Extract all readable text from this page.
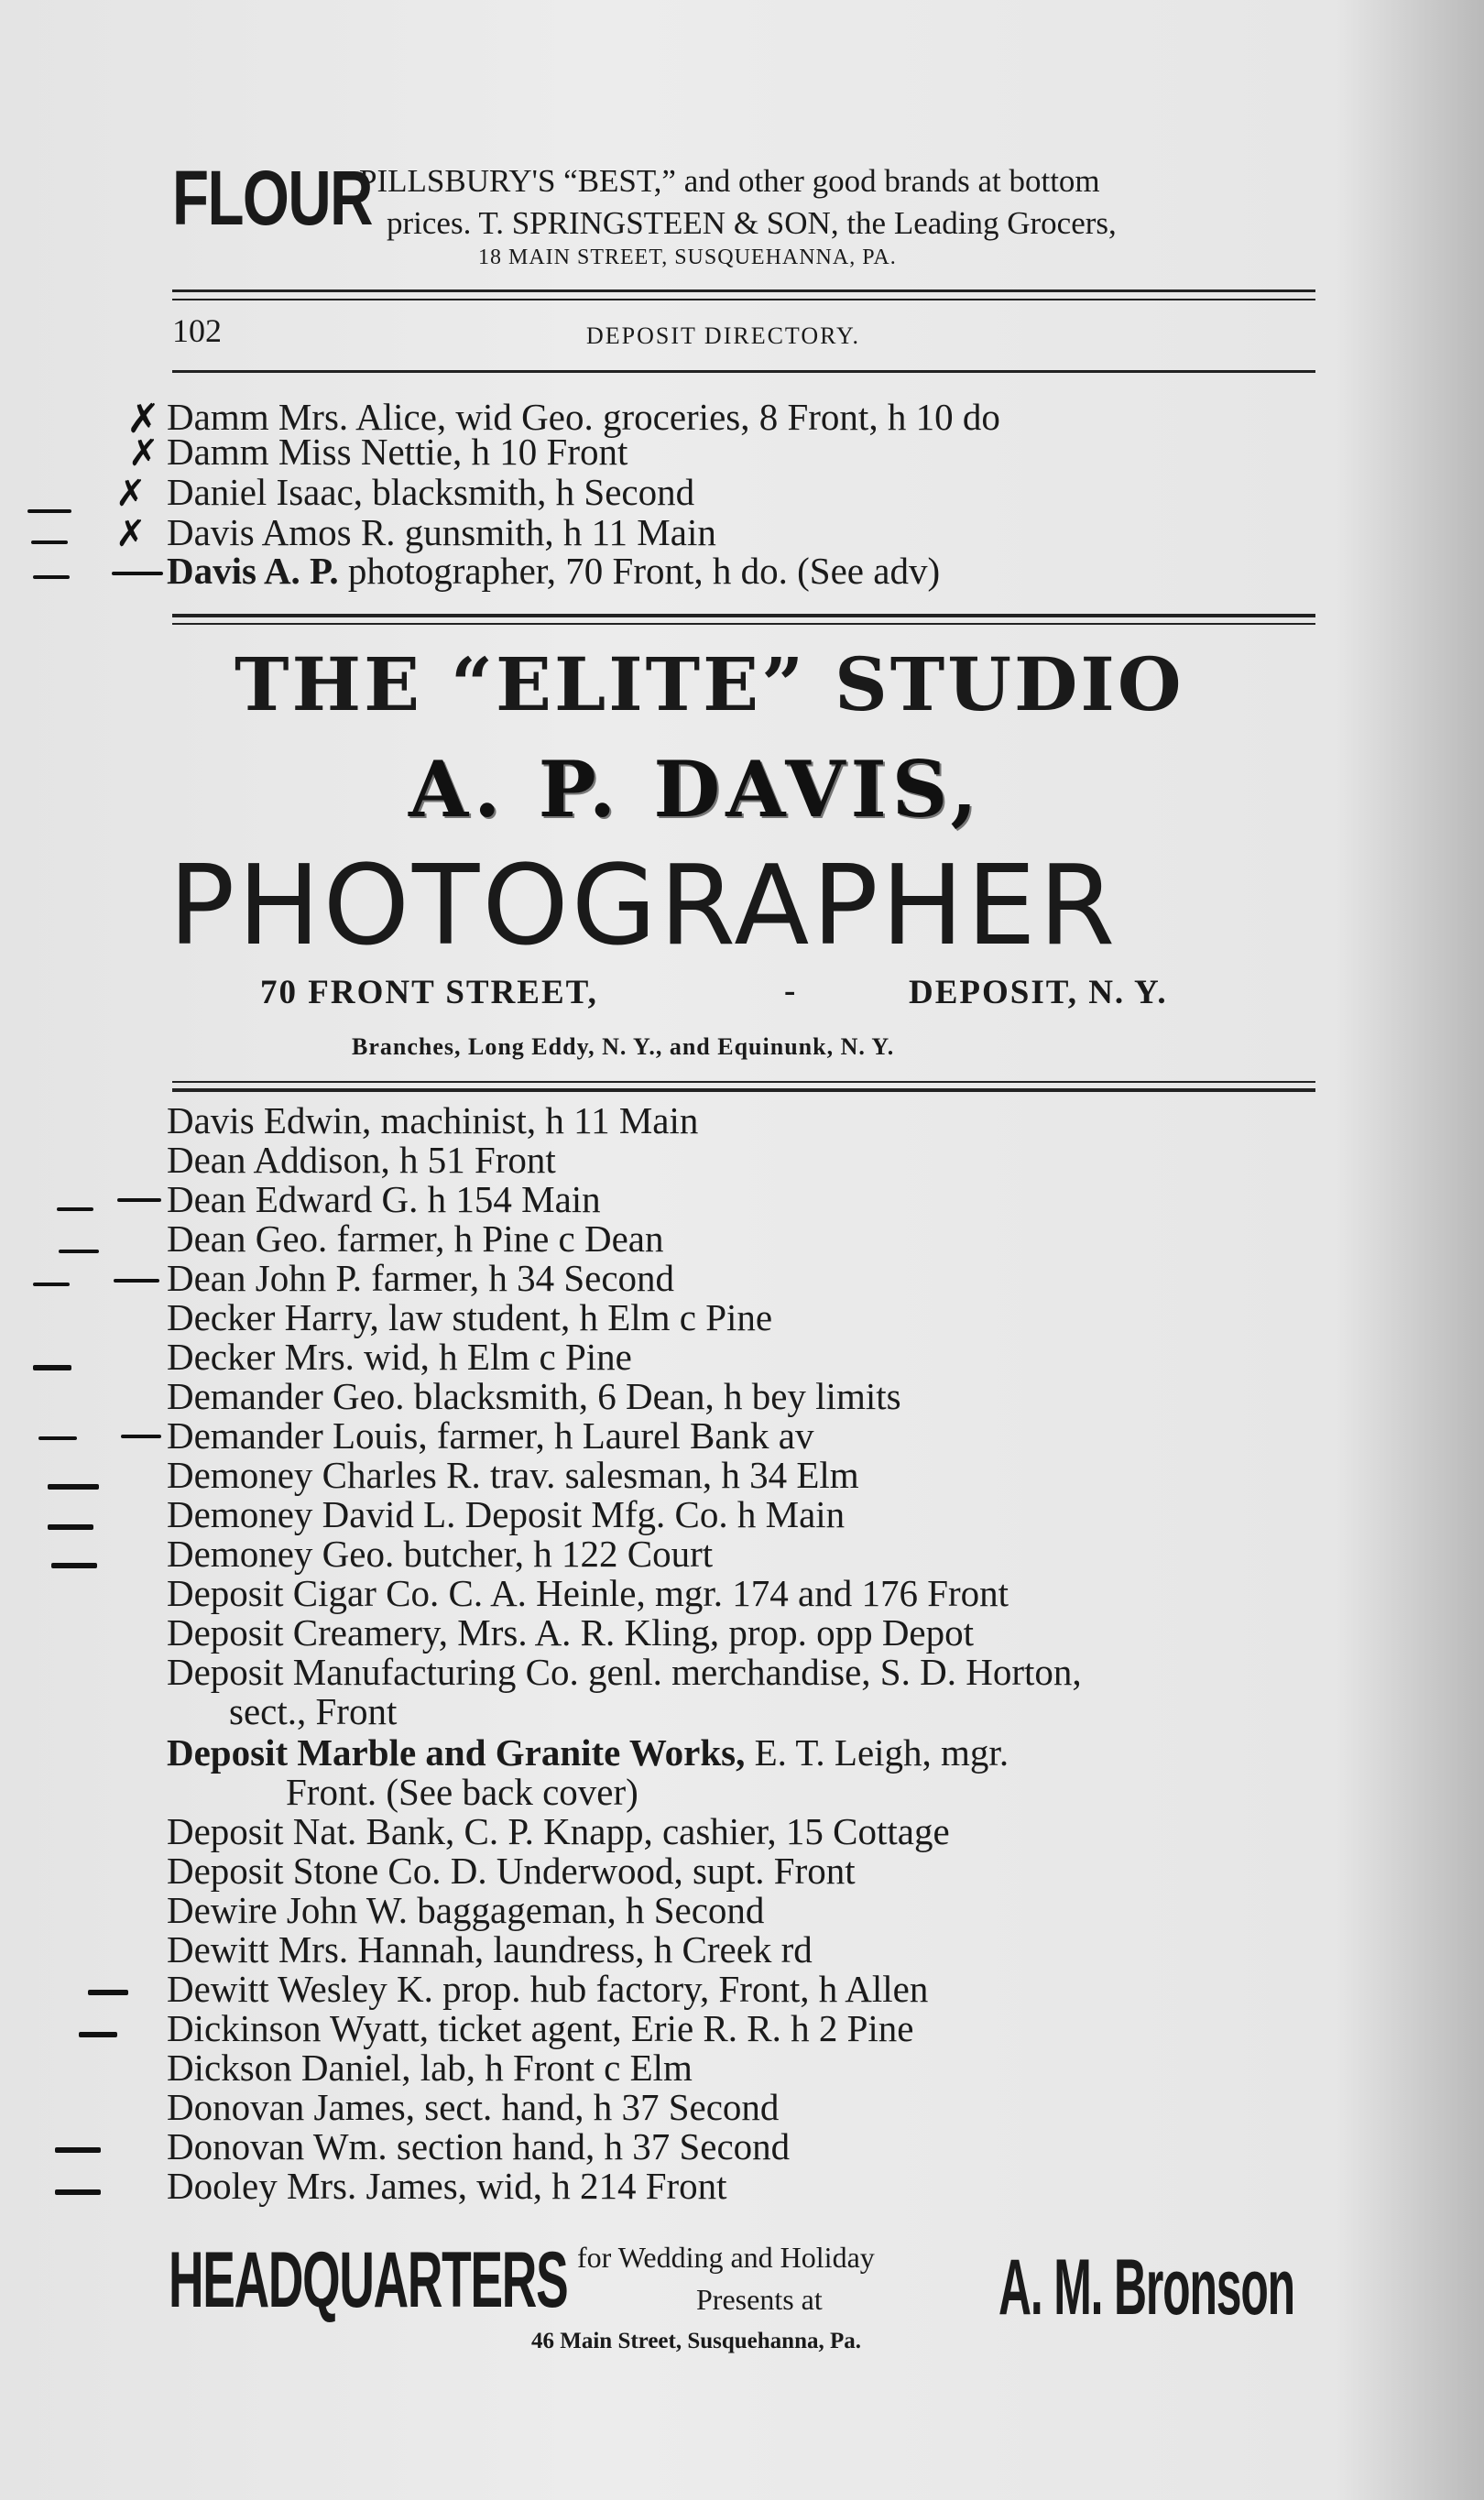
FLOUR
PILLSBURY'S “BEST,” and other good brands at bottom
prices. T. SPRINGSTEEN & SON, the Leading Grocers,
18 MAIN STREET, SUSQUEHANNA, PA.
102	DEPOSIT DIRECTORY.
Damm Mrs. Alice, wid Geo. groceries, 8 Front, h 10 do
Damm Miss Nettie, h 10 Front
Daniel Isaac, blacksmith, h Second
Davis Amos R. gunsmith, h 11 Main
Davis A. P. photographer, 70 Front, h do. (See adv)
THE “ELITE” STUDIO
A. P. DAVIS,
PHOTOGRAPHER
70 FRONT STREET,	-	DEPOSIT, N. Y.
Branches, Long Eddy, N. Y., and Equinunk, N. Y.
Davis Edwin, machinist, h 11 Main
Dean Addison, h 51 Front
Dean Edward G. h 154 Main
Dean Geo. farmer, h Pine c Dean
Dean John P. farmer, h 34 Second
Decker Harry, law student, h Elm c Pine
Decker Mrs. wid, h Elm c Pine
Demander Geo. blacksmith, 6 Dean, h bey limits
Demander Louis, farmer, h Laurel Bank av
Demoney Charles R. trav. salesman, h 34 Elm
Demoney David L. Deposit Mfg. Co. h Main
Demoney Geo. butcher, h 122 Court
Deposit Cigar Co. C. A. Heinle, mgr. 174 and 176 Front
Deposit Creamery, Mrs. A. R. Kling, prop. opp Depot
Deposit Manufacturing Co. genl. merchandise, S. D. Horton,
sect., Front
Deposit Marble and Granite Works, E. T. Leigh, mgr.
Front. (See back cover)
Deposit Nat. Bank, C. P. Knapp, cashier, 15 Cottage
Deposit Stone Co. D. Underwood, supt. Front
Dewire John W. baggageman, h Second
Dewitt Mrs. Hannah, laundress, h Creek rd
Dewitt Wesley K. prop. hub factory, Front, h Allen
Dickinson Wyatt, ticket agent, Erie R. R. h 2 Pine
Dickson Daniel, lab, h Front c Elm
Donovan James, sect. hand, h 37 Second
Donovan Wm. section hand, h 37 Second
Dooley Mrs. James, wid, h 214 Front
HEADQUARTERS for Wedding and Holiday
Presents at A. M. Bronson
46 Main Street, Susquehanna, Pa.
✗
✗
✗
✗
